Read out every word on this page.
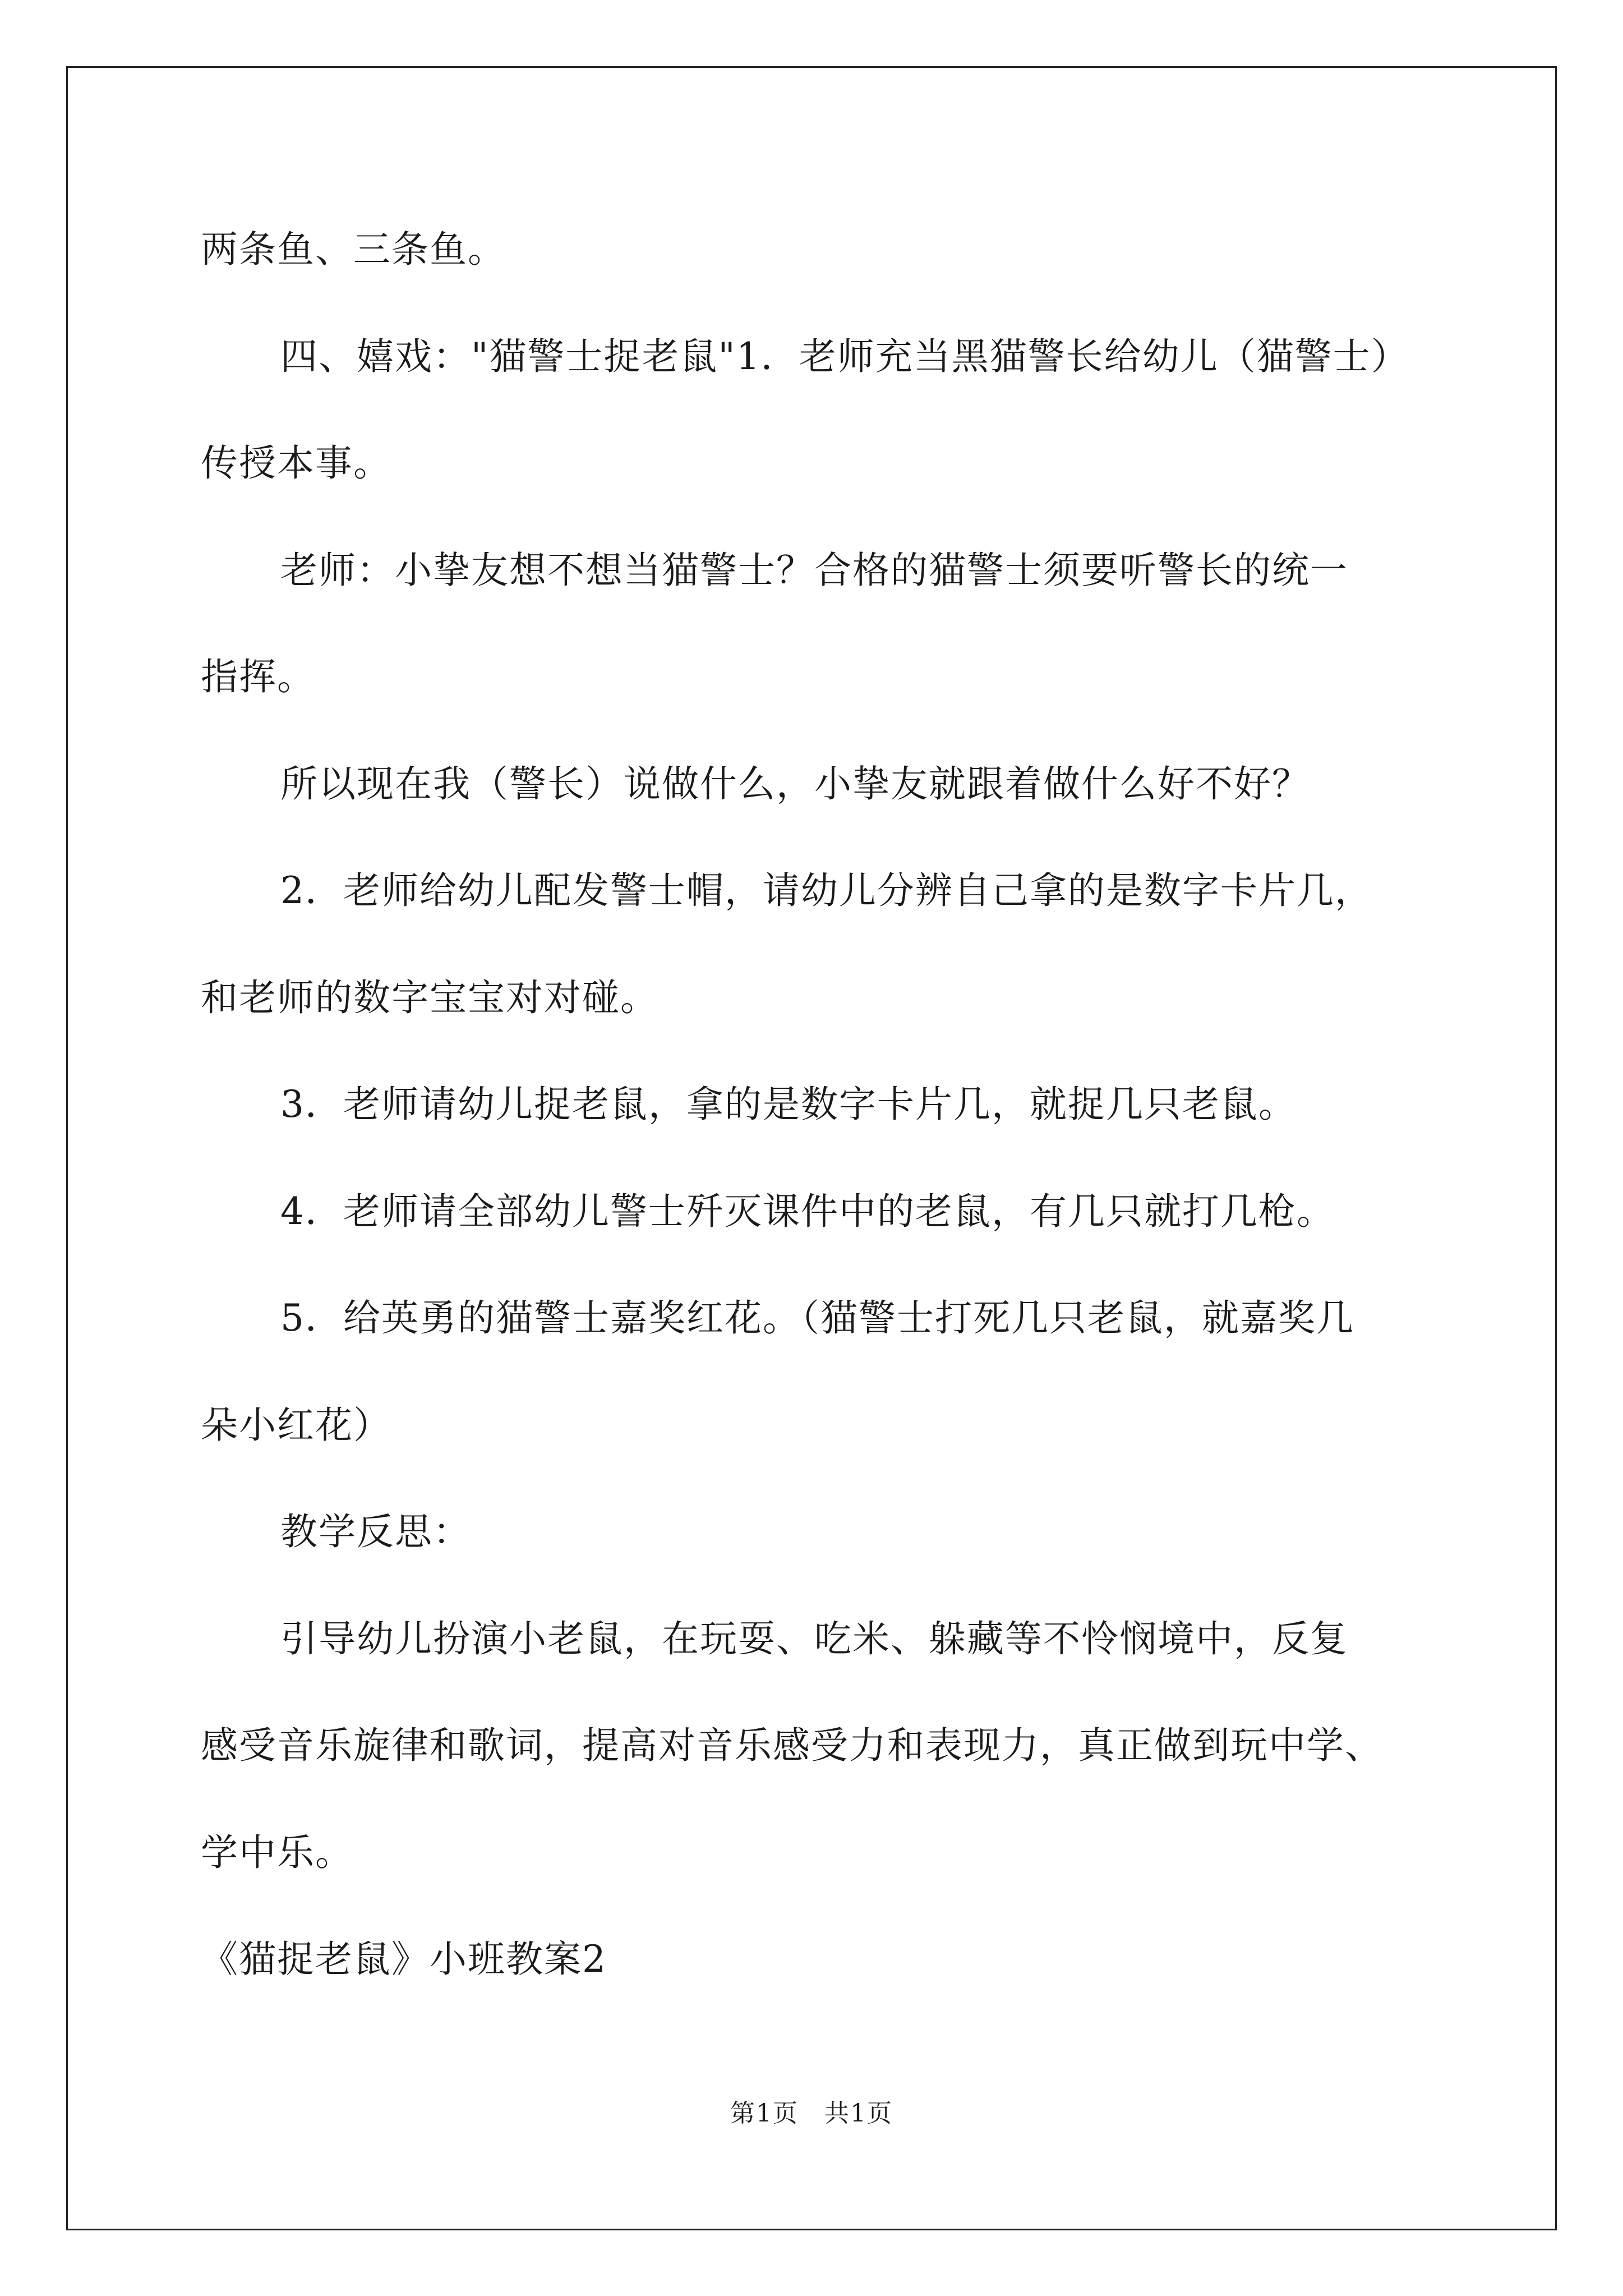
两条鱼、三条鱼。
四、嬉戏："猫警士捉老鼠"1．老师充当黑猫警长给幼儿（猫警士）
传授本事。
老师：小挚友想不想当猫警士？合格的猫警士须要听警长的统一
指挥。
所以现在我（警长）说做什么，小挚友就跟着做什么好不好？
2．老师给幼儿配发警士帽，请幼儿分辨自己拿的是数字卡片几，
和老师的数字宝宝对对碰。
3．老师请幼儿捉老鼠，拿的是数字卡片几，就捉几只老鼠。
4．老师请全部幼儿警士歼灭课件中的老鼠，有几只就打几枪。
5．给英勇的猫警士嘉奖红花。（猫警士打死几只老鼠，就嘉奖几
朵小红花）
教学反思：
引导幼儿扮演小老鼠，在玩耍、吃米、躲藏等不怜悯境中，反复
感受音乐旋律和歌词，提高对音乐感受力和表现力，真正做到玩中学、
学中乐。
《猫捉老鼠》小班教案2
第1页　共1页
